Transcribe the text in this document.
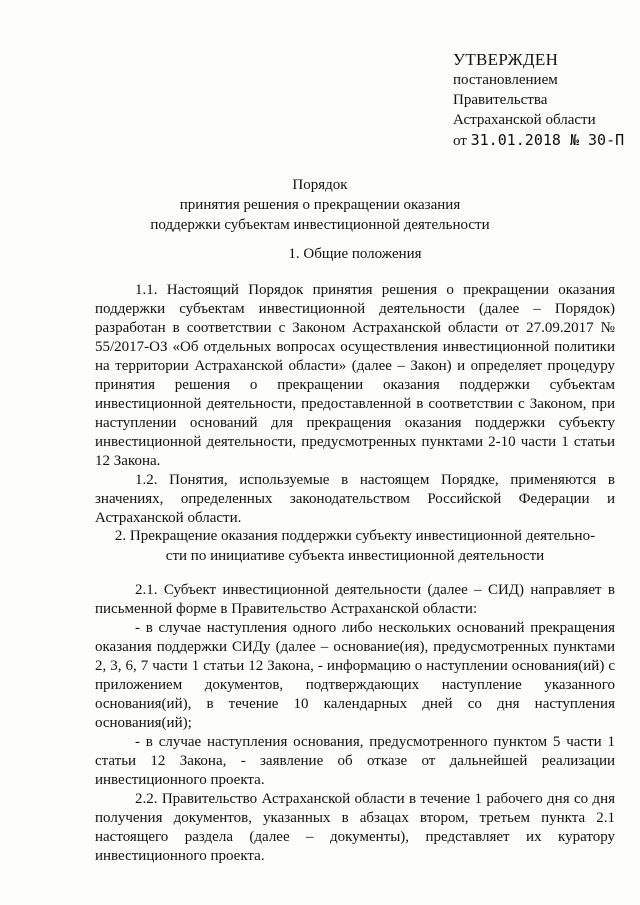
УТВЕРЖДЕН
постановлением
Правительства
Астраханской области
от 31.01.2018 № 30-П
Порядок
принятия решения о прекращении оказания
поддержки субъектам инвестиционной деятельности
1. Общие положения

1.1. Настоящий Порядок принятия решения о прекращении оказания поддержки субъектам инвестиционной деятельности (далее – Порядок) разработан в соответствии с Законом Астраханской области от 27.09.2017 № 55/2017-ОЗ «Об отдельных вопросах осуществления инвестиционной политики на территории Астраханской области» (далее – Закон) и определяет процедуру принятия решения о прекращении оказания поддержки субъектам инвестиционной деятельности, предоставленной в соответствии с Законом, при наступлении оснований для прекращения оказания поддержки субъекту инвестиционной деятельности, предусмотренных пунктами 2-10 части 1 статьи 12 Закона.

1.2. Понятия, используемые в настоящем Порядке, применяются в значениях, определенных законодательством Российской Федерации и Астраханской области.

2. Прекращение оказания поддержки субъекту инвестиционной деятельно-
сти по инициативе субъекта инвестиционной деятельности

2.1. Субъект инвестиционной деятельности (далее – СИД) направляет в письменной форме в Правительство Астраханской области:

- в случае наступления одного либо нескольких оснований прекращения оказания поддержки СИДу (далее – основание(ия), предусмотренных пунктами 2, 3, 6, 7 части 1 статьи 12 Закона, - информацию о наступлении основания(ий) с приложением документов, подтверждающих наступление указанного основания(ий), в течение 10 календарных дней со дня наступления основания(ий);

- в случае наступления основания, предусмотренного пунктом 5 части 1 статьи 12 Закона, - заявление об отказе от дальнейшей реализации инвестиционного проекта.

2.2. Правительство Астраханской области в течение 1 рабочего дня со дня получения документов, указанных в абзацах втором, третьем пункта 2.1 настоящего раздела (далее – документы), представляет их куратору инвестиционного проекта.
